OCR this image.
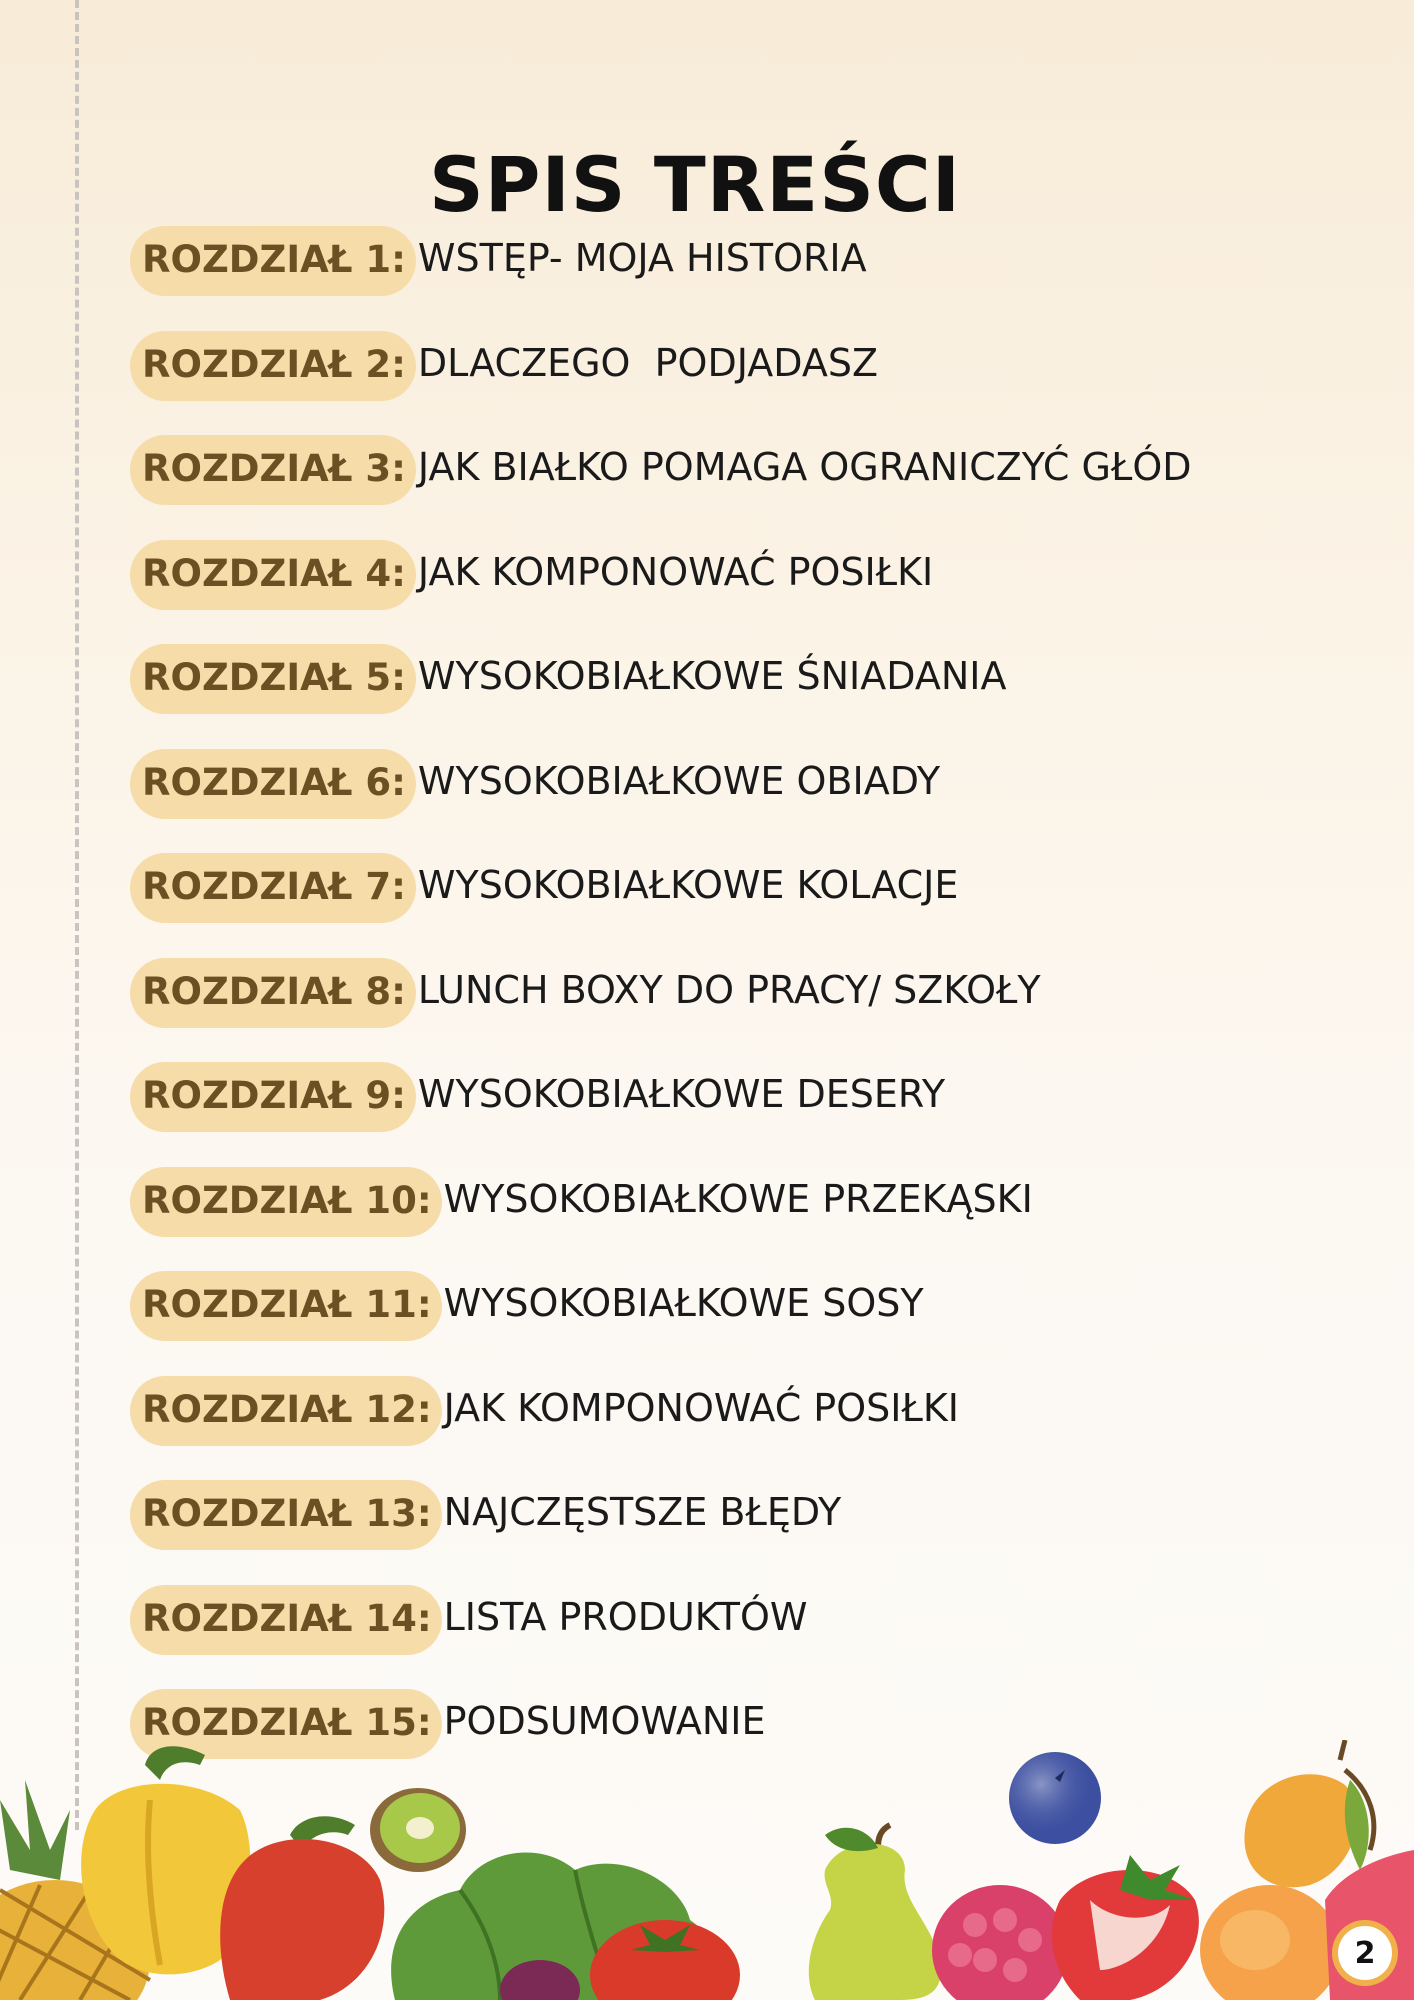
SPIS TREŚCI
ROZDZIAŁ 1: WSTĘP- MOJA HISTORIA
ROZDZIAŁ 2: DLACZEGO  PODJADASZ
ROZDZIAŁ 3: JAK BIAŁKO POMAGA OGRANICZYĆ GŁÓD
ROZDZIAŁ 4: JAK KOMPONOWAĆ POSIŁKI
ROZDZIAŁ 5: WYSOKOBIAŁKOWE ŚNIADANIA
ROZDZIAŁ 6: WYSOKOBIAŁKOWE OBIADY
ROZDZIAŁ 7: WYSOKOBIAŁKOWE KOLACJE
ROZDZIAŁ 8: LUNCH BOXY DO PRACY/ SZKOŁY
ROZDZIAŁ 9: WYSOKOBIAŁKOWE DESERY
ROZDZIAŁ 10: WYSOKOBIAŁKOWE PRZEKĄSKI
ROZDZIAŁ 11: WYSOKOBIAŁKOWE SOSY
ROZDZIAŁ 12: JAK KOMPONOWAĆ POSIŁKI
ROZDZIAŁ 13: NAJCZĘSTSZE BŁĘDY
ROZDZIAŁ 14: LISTA PRODUKTÓW
ROZDZIAŁ 15: PODSUMOWANIE
2
